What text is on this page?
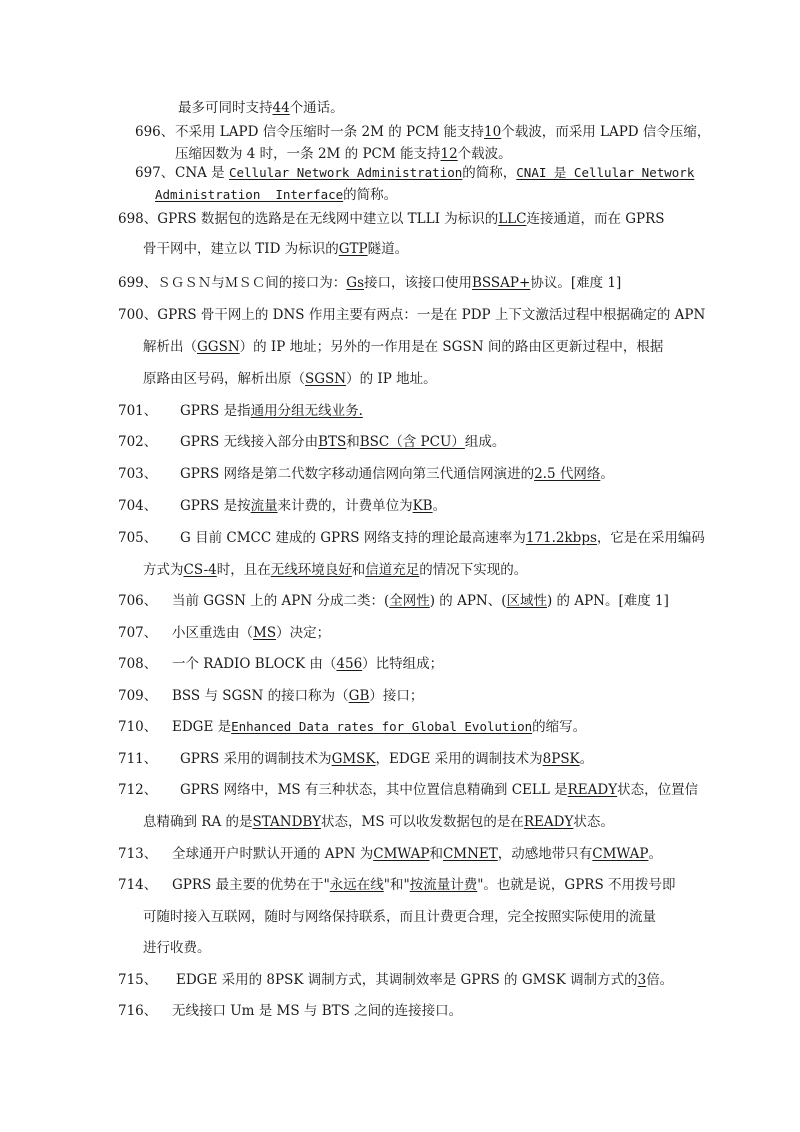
最多可同时支持44个通话。
696、不采用 LAPD 信令压缩时一条 2M 的 PCM 能支持10个载波，而采用 LAPD 信令压缩，
压缩因数为 4 时，一条 2M 的 PCM 能支持12个载波。
697、CNA 是 Cellular Network Administration的简称，CNAI 是 Cellular Network
Administration  Interface的简称。
698、GPRS 数据包的选路是在无线网中建立以 TLLI 为标识的LLC连接通道，而在 GPRS
骨干网中，建立以 TID 为标识的GTP隧道。
699、ＳＧＳＮ与ＭＳＣ间的接口为：Gs接口，该接口使用BSSAP+协议。[难度 1]
700、GPRS 骨干网上的 DNS 作用主要有两点：一是在 PDP 上下文激活过程中根据确定的 APN
解析出（GGSN）的 IP 地址；另外的一作用是在 SGSN 间的路由区更新过程中，根据
原路由区号码，解析出原（SGSN）的 IP 地址。
701、 GPRS 是指通用分组无线业务.
702、 GPRS 无线接入部分由BTS和BSC（含 PCU）组成。
703、 GPRS 网络是第二代数字移动通信网向第三代通信网演进的2.5 代网络。
704、 GPRS 是按流量来计费的，计费单位为KB。
705、 G 目前 CMCC 建成的 GPRS 网络支持的理论最高速率为171.2kbps，它是在采用编码
方式为CS-4时，且在无线环境良好和信道充足的情况下实现的。
706、 当前 GGSN 上的 APN 分成二类：(全网性) 的 APN、(区域性) 的 APN。[难度 1]
707、 小区重选由（MS）决定；
708、 一个 RADIO BLOCK 由（456）比特组成；
709、 BSS 与 SGSN 的接口称为（GB）接口；
710、 EDGE 是Enhanced Data rates for Global Evolution的缩写。
711、 GPRS 采用的调制技术为GMSK，EDGE 采用的调制技术为8PSK。
712、 GPRS 网络中，MS 有三种状态，其中位置信息精确到 CELL 是READY状态，位置信
息精确到 RA 的是STANDBY状态，MS 可以收发数据包的是在READY状态。
713、 全球通开户时默认开通的 APN 为CMWAP和CMNET，动感地带只有CMWAP。
714、 GPRS 最主要的优势在于"永远在线"和"按流量计费"。也就是说，GPRS 不用拨号即
可随时接入互联网，随时与网络保持联系，而且计费更合理，完全按照实际使用的流量
进行收费。
715、 EDGE 采用的 8PSK 调制方式，其调制效率是 GPRS 的 GMSK 调制方式的3倍。
716、 无线接口 Um 是 MS 与 BTS 之间的连接接口。
